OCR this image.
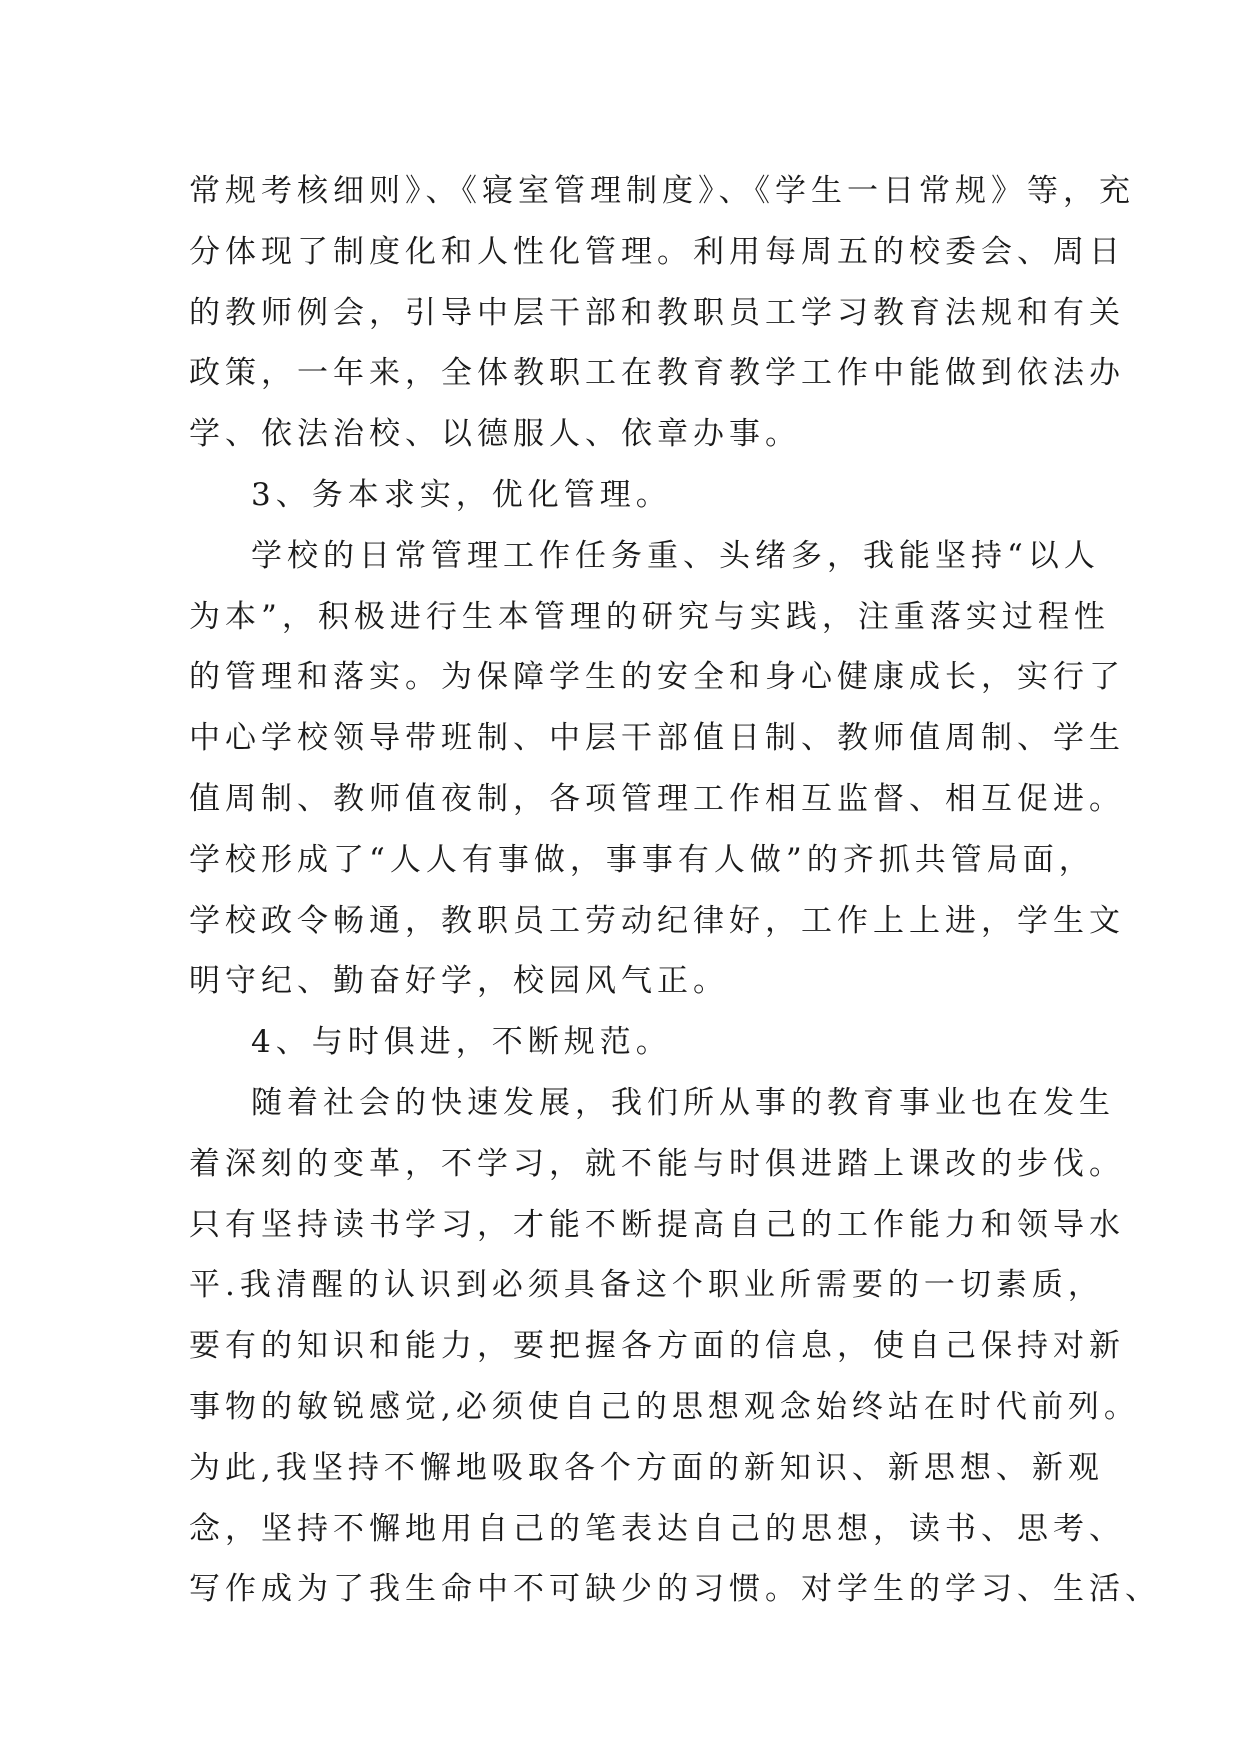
常规考核细则》、《寝室管理制度》、《学生一日常规》等，充
分体现了制度化和人性化管理。利用每周五的校委会、周日
的教师例会，引导中层干部和教职员工学习教育法规和有关
政策，一年来，全体教职工在教育教学工作中能做到依法办
学、依法治校、以德服人、依章办事。
3、务本求实，优化管理。
学校的日常管理工作任务重、头绪多，我能坚持“以人
为本”，积极进行生本管理的研究与实践，注重落实过程性
的管理和落实。为保障学生的安全和身心健康成长，实行了
中心学校领导带班制、中层干部值日制、教师值周制、学生
值周制、教师值夜制，各项管理工作相互监督、相互促进。
学校形成了“人人有事做，事事有人做”的齐抓共管局面，
学校政令畅通，教职员工劳动纪律好，工作上上进，学生文
明守纪、勤奋好学，校园风气正。
4、与时俱进，不断规范。
随着社会的快速发展，我们所从事的教育事业也在发生
着深刻的变革，不学习，就不能与时俱进踏上课改的步伐。
只有坚持读书学习，才能不断提高自己的工作能力和领导水
平.我清醒的认识到必须具备这个职业所需要的一切素质，
要有的知识和能力，要把握各方面的信息，使自己保持对新
事物的敏锐感觉,必须使自己的思想观念始终站在时代前列。
为此,我坚持不懈地吸取各个方面的新知识、新思想、新观
念，坚持不懈地用自己的笔表达自己的思想，读书、思考、
写作成为了我生命中不可缺少的习惯。对学生的学习、生活、
